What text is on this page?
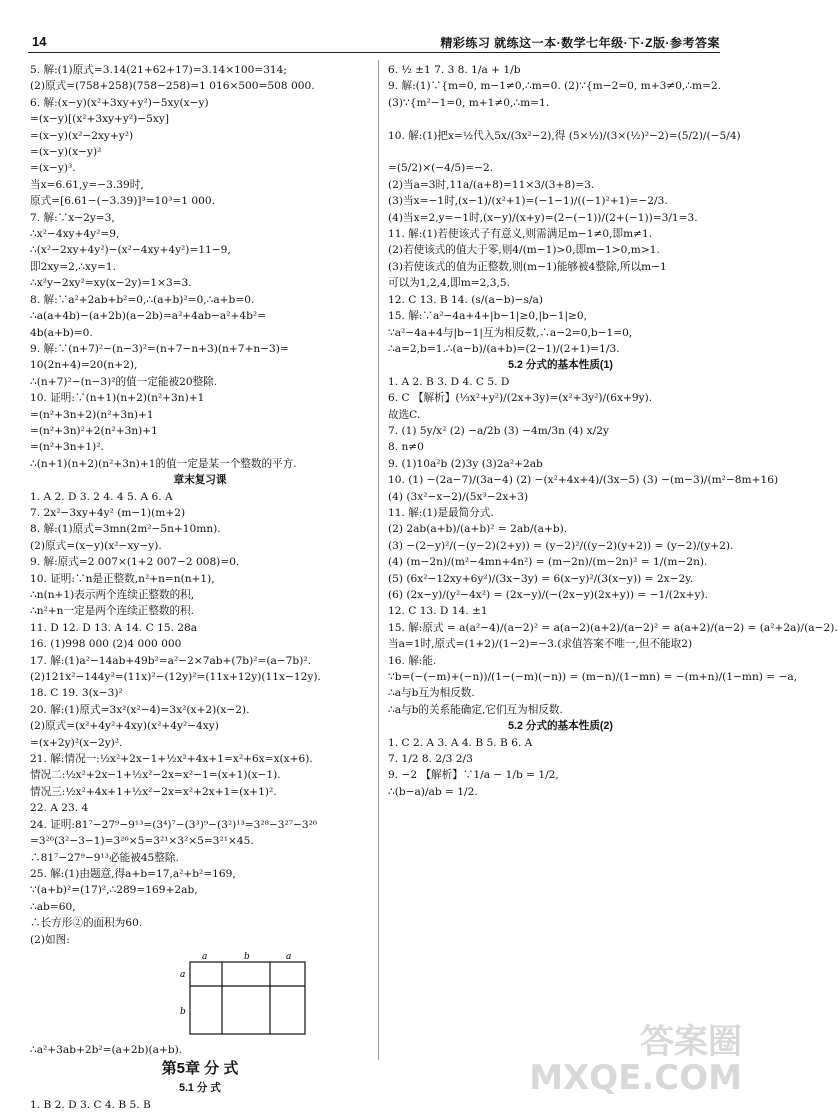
14	精彩练习 就练这一本·数学七年级·下·Z版·参考答案
5. 解:(1)原式=3.14(21+62+17)=3.14×100=314;
(2)原式=(758+258)(758−258)=1 016×500=508 000.
6. 解:(x−y)(x²+3xy+y²)−5xy(x−y)
=(x−y)[(x²+3xy+y²)−5xy]
=(x−y)(x²−2xy+y²)
=(x−y)(x−y)²
=(x−y)³.
当x=6.61,y=−3.39时,
原式=[6.61−(−3.39)]³=10³=1 000.
7. 解:∵x−2y=3,
∴x²−4xy+4y²=9,
∴(x²−2xy+4y²)−(x²−4xy+4y²)=11−9,
即2xy=2,∴xy=1.
∴x²y−2xy²=xy(x−2y)=1×3=3.
8. 解:∵a²+2ab+b²=0,∴(a+b)²=0,∴a+b=0.
∴a(a+4b)−(a+2b)(a−2b)=a²+4ab−a²+4b²=
4b(a+b)=0.
9. 解:∵(n+7)²−(n−3)²=(n+7−n+3)(n+7+n−3)=
10(2n+4)=20(n+2),
∴(n+7)²−(n−3)²的值一定能被20整除.
10. 证明:∵(n+1)(n+2)(n²+3n)+1
=(n²+3n+2)(n²+3n)+1
=(n²+3n)²+2(n²+3n)+1
=(n²+3n+1)².
∴(n+1)(n+2)(n²+3n)+1的值一定是某一个整数的平方.
章末复习课
1. A 2. D 3. 2 4. 4 5. A 6. A
7. 2x²−3xy+4y² (m−1)(m+2)
8. 解:(1)原式=3mn(2m²−5n+10mn).
(2)原式=(x−y)(x²−xy−y).
9. 解:原式=2 007×(1+2 007−2 008)=0.
10. 证明:∵n是正整数,n²+n=n(n+1),
∴n(n+1)表示两个连续正整数的积,
∴n²+n一定是两个连续正整数的积.
11. D 12. D 13. A 14. C 15. 28a
16. (1)998 000 (2)4 000 000
17. 解:(1)a²−14ab+49b²=a²−2×7ab+(7b)²=(a−7b)².
(2)121x²−144y²=(11x)²−(12y)²=(11x+12y)(11x−12y).
18. C 19. 3(x−3)²
20. 解:(1)原式=3x²(x²−4)=3x²(x+2)(x−2).
(2)原式=(x²+4y²+4xy)(x²+4y²−4xy)
=(x+2y)²(x−2y)².
21. 解:情况一:½x²+2x−1+½x²+4x+1=x²+6x=x(x+6).
情况二:½x²+2x−1+½x²−2x=x²−1=(x+1)(x−1).
情况三:½x²+4x+1+½x²−2x=x²+2x+1=(x+1)².
22. A 23. 4
24. 证明:81⁷−27⁹−9¹³=(3⁴)⁷−(3³)⁹−(3²)¹³=3²⁸−3²⁷−3²⁶
=3²⁶(3²−3−1)=3²⁶×5=3²¹×3²×5=3²¹×45.
∴81⁷−27⁹−9¹³必能被45整除.
25. 解:(1)由题意,得a+b=17,a²+b²=169,
∵(a+b)²=(17)²,∴289=169+2ab,
∴ab=60,
∴长方形②的面积为60.
(2)如图:
a	b	a
a
b
∴a²+3ab+2b²=(a+2b)(a+b).
第5章 分 式
5.1 分 式
1. B 2. D 3. C 4. B 5. B
6. ½ ±1 7. 3 8. 1/a + 1/b
9. 解:(1)∵{m=0, m−1≠0,∴m=0. (2)∵{m−2=0, m+3≠0,∴m=2.
(3)∵{m²−1=0, m+1≠0,∴m=1.

10. 解:(1)把x=½代入5x/(3x²−2),得 (5×½)/(3×(½)²−2)=(5/2)/(−5/4)

=(5/2)×(−4/5)=−2.
(2)当a=3时,11a/(a+8)=11×3/(3+8)=3.
(3)当x=−1时,(x−1)/(x²+1)=(−1−1)/((−1)²+1)=−2/3.
(4)当x=2,y=−1时,(x−y)/(x+y)=(2−(−1))/(2+(−1))=3/1=3.
11. 解:(1)若使该式子有意义,则需满足m−1≠0,即m≠1.
(2)若使该式的值大于零,则4/(m−1)>0,即m−1>0,m>1.
(3)若使该式的值为正整数,则(m−1)能够被4整除,所以m−1
可以为1,2,4,即m=2,3,5.
12. C 13. B 14. (s/(a−b)−s/a)
15. 解:∵a²−4a+4+|b−1|≥0,|b−1|≥0,
∵a²−4a+4与|b−1|互为相反数,∴a−2=0,b−1=0,
∴a=2,b=1.∴(a−b)/(a+b)=(2−1)/(2+1)=1/3.
5.2 分式的基本性质(1)
1. A 2. B 3. D 4. C 5. D
6. C 【解析】(⅓x²+y²)/(2x+3y)=(x²+3y²)/(6x+9y).
故选C.
7. (1) 5y/x² (2) −a/2b (3) −4m/3n (4) x/2y
8. n≠0
9. (1)10a²b (2)3y (3)2a²+2ab
10. (1) −(2a−7)/(3a−4) (2) −(x²+4x+4)/(3x−5) (3) −(m−3)/(m²−8m+16)
(4) (3x²−x−2)/(5x³−2x+3)
11. 解:(1)是最简分式.
(2) 2ab(a+b)/(a+b)² = 2ab/(a+b).
(3) −(2−y)²/(−(y−2)(2+y)) = (y−2)²/((y−2)(y+2)) = (y−2)/(y+2).
(4) (m−2n)/(m²−4mn+4n²) = (m−2n)/(m−2n)² = 1/(m−2n).
(5) (6x²−12xy+6y²)/(3x−3y) = 6(x−y)²/(3(x−y)) = 2x−2y.
(6) (2x−y)/(y²−4x²) = (2x−y)/(−(2x−y)(2x+y)) = −1/(2x+y).
12. C 13. D 14. ±1
15. 解:原式 = a(a²−4)/(a−2)² = a(a−2)(a+2)/(a−2)² = a(a+2)/(a−2) = (a²+2a)/(a−2).
当a=1时,原式=(1+2)/(1−2)=−3.(求值答案不唯一,但不能取2)
16. 解:能.
∵b=(−(−m)+(−n))/(1−(−m)(−n)) = (m−n)/(1−mn) = −(m+n)/(1−mn) = −a,
∴a与b互为相反数.
∴a与b的关系能确定,它们互为相反数.
5.2 分式的基本性质(2)
1. C 2. A 3. A 4. B 5. B 6. A
7. 1/2 8. 2/3 2/3
9. −2 【解析】∵1/a − 1/b = 1/2,
∴(b−a)/ab = 1/2.
答案圈
MXQE.COM
